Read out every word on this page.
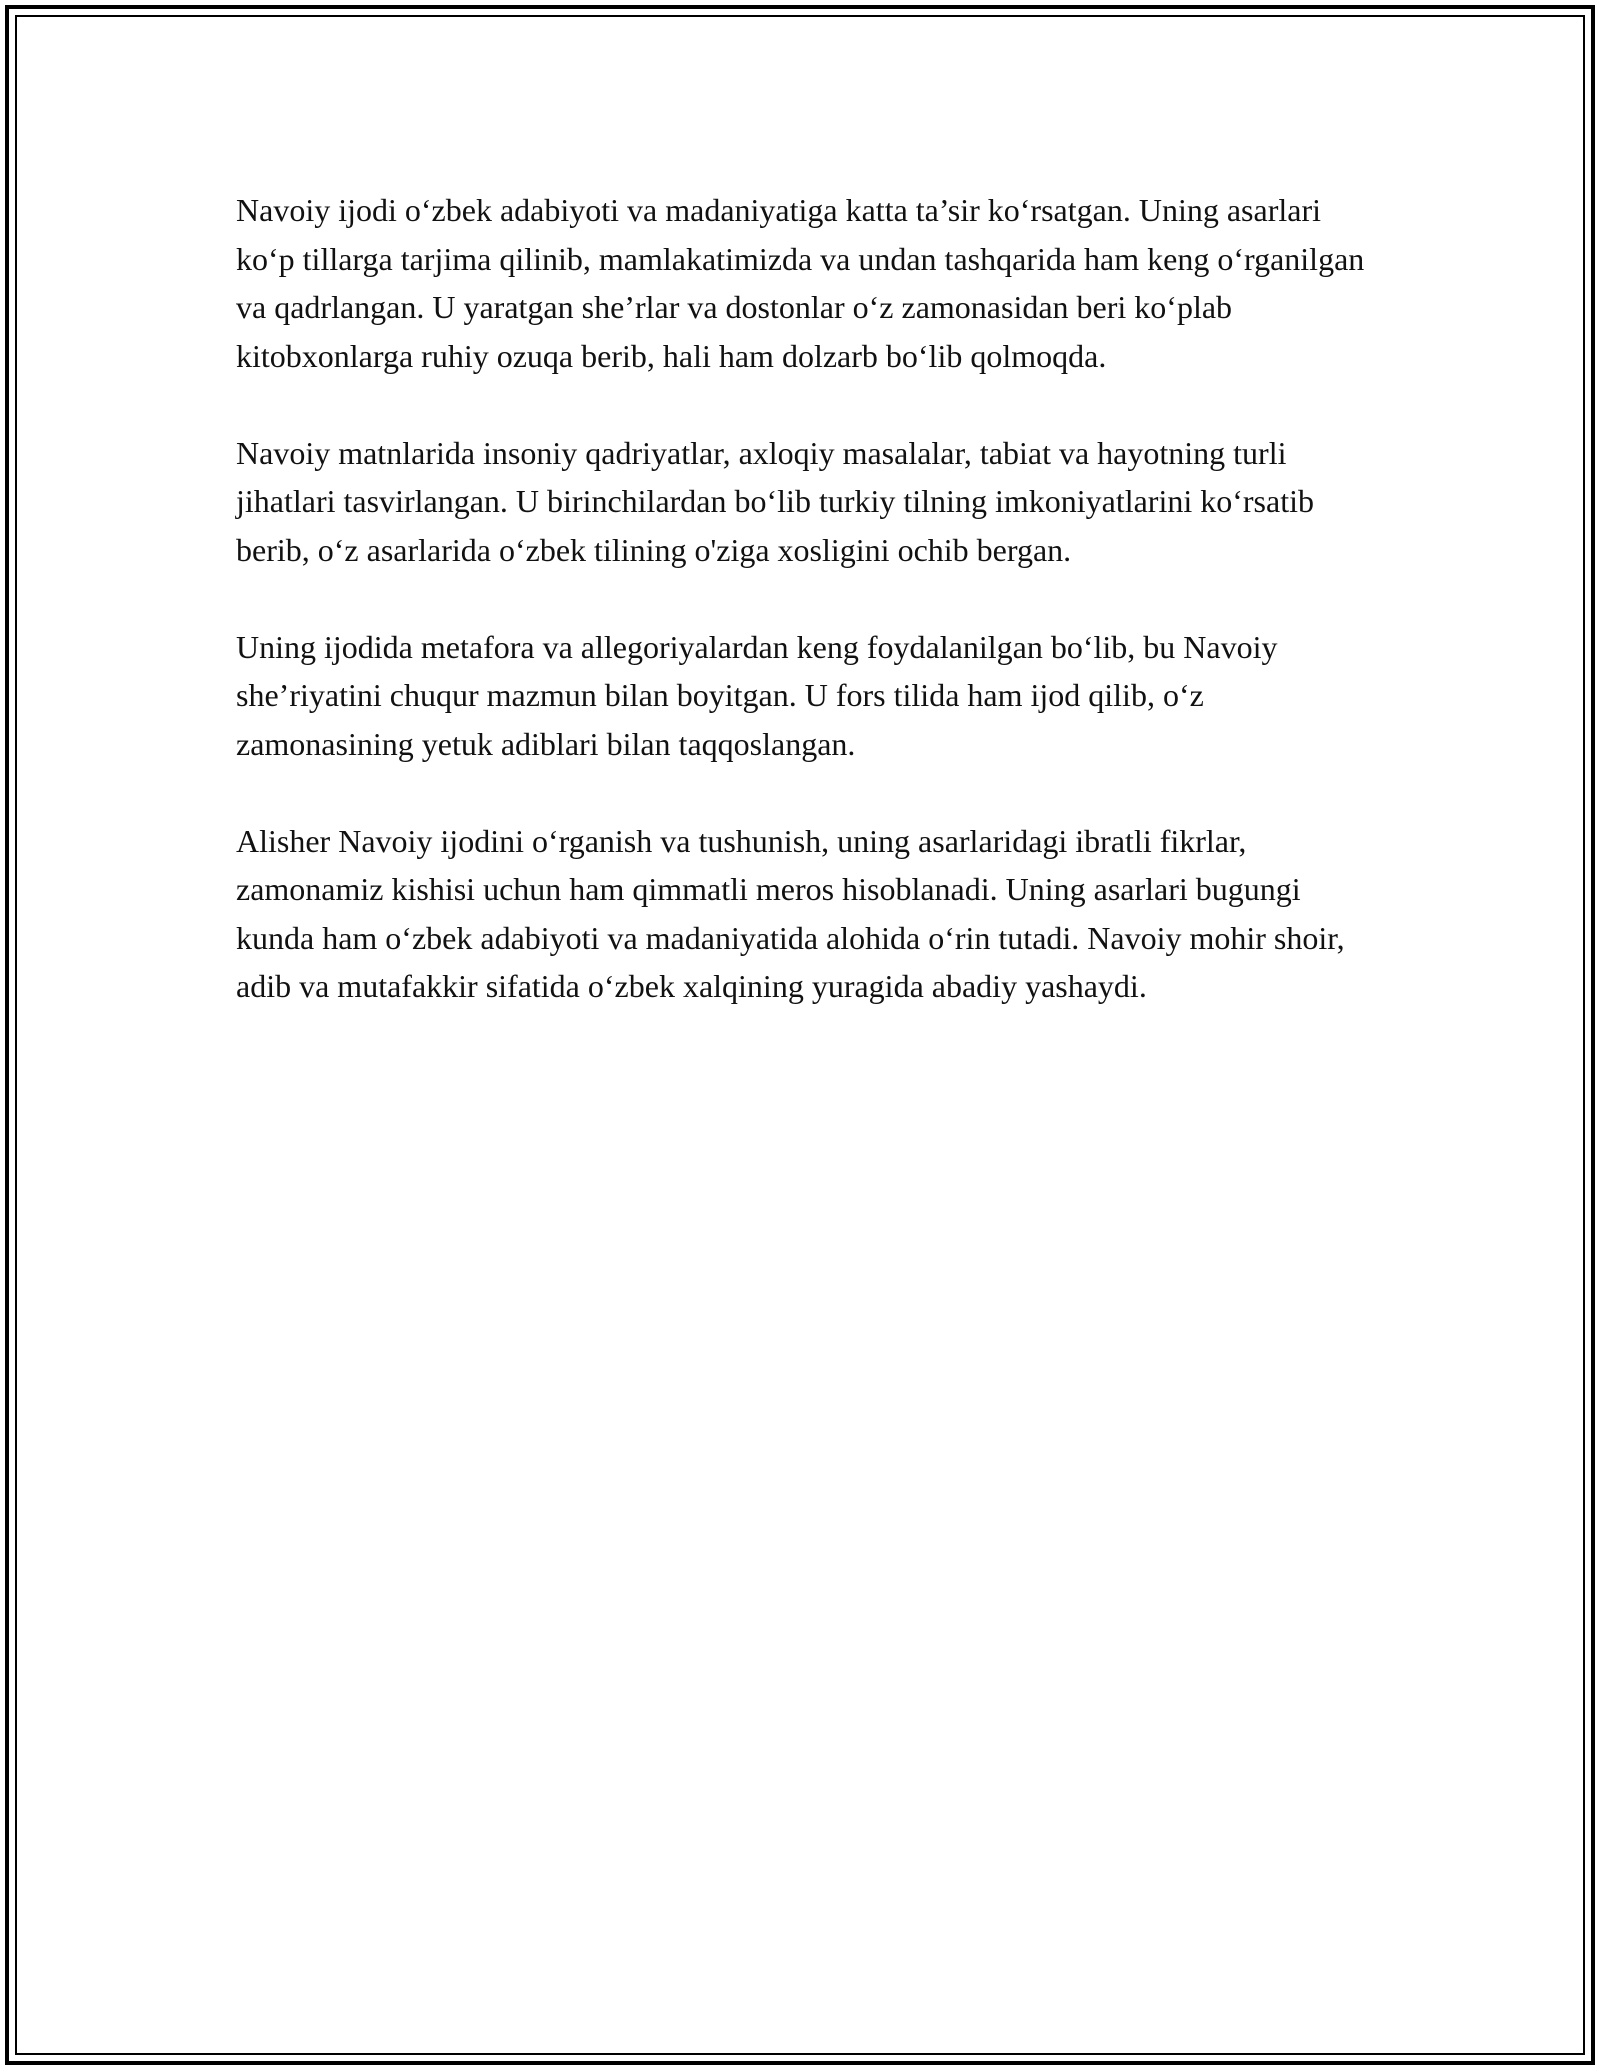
Navoiy ijodi o‘zbek adabiyoti va madaniyatiga katta ta’sir ko‘rsatgan. Uning asarlari ko‘p tillarga tarjima qilinib, mamlakatimizda va undan tashqarida ham keng o‘rganilgan va qadrlangan. U yaratgan she’rlar va dostonlar o‘z zamonasidan beri ko‘plab kitobxonlarga ruhiy ozuqa berib, hali ham dolzarb bo‘lib qolmoqda.

Navoiy matnlarida insoniy qadriyatlar, axloqiy masalalar, tabiat va hayotning turli jihatlari tasvirlangan. U birinchilardan bo‘lib turkiy tilning imkoniyatlarini ko‘rsatib berib, o‘z asarlarida o‘zbek tilining o'ziga xosligini ochib bergan.

Uning ijodida metafora va allegoriyalardan keng foydalanilgan bo‘lib, bu Navoiy she’riyatini chuqur mazmun bilan boyitgan. U fors tilida ham ijod qilib, o‘z zamonasining yetuk adiblari bilan taqqoslangan.

Alisher Navoiy ijodini o‘rganish va tushunish, uning asarlaridagi ibratli fikrlar, zamonamiz kishisi uchun ham qimmatli meros hisoblanadi. Uning asarlari bugungi kunda ham o‘zbek adabiyoti va madaniyatida alohida o‘rin tutadi. Navoiy mohir shoir, adib va mutafakkir sifatida o‘zbek xalqining yuragida abadiy yashaydi.
